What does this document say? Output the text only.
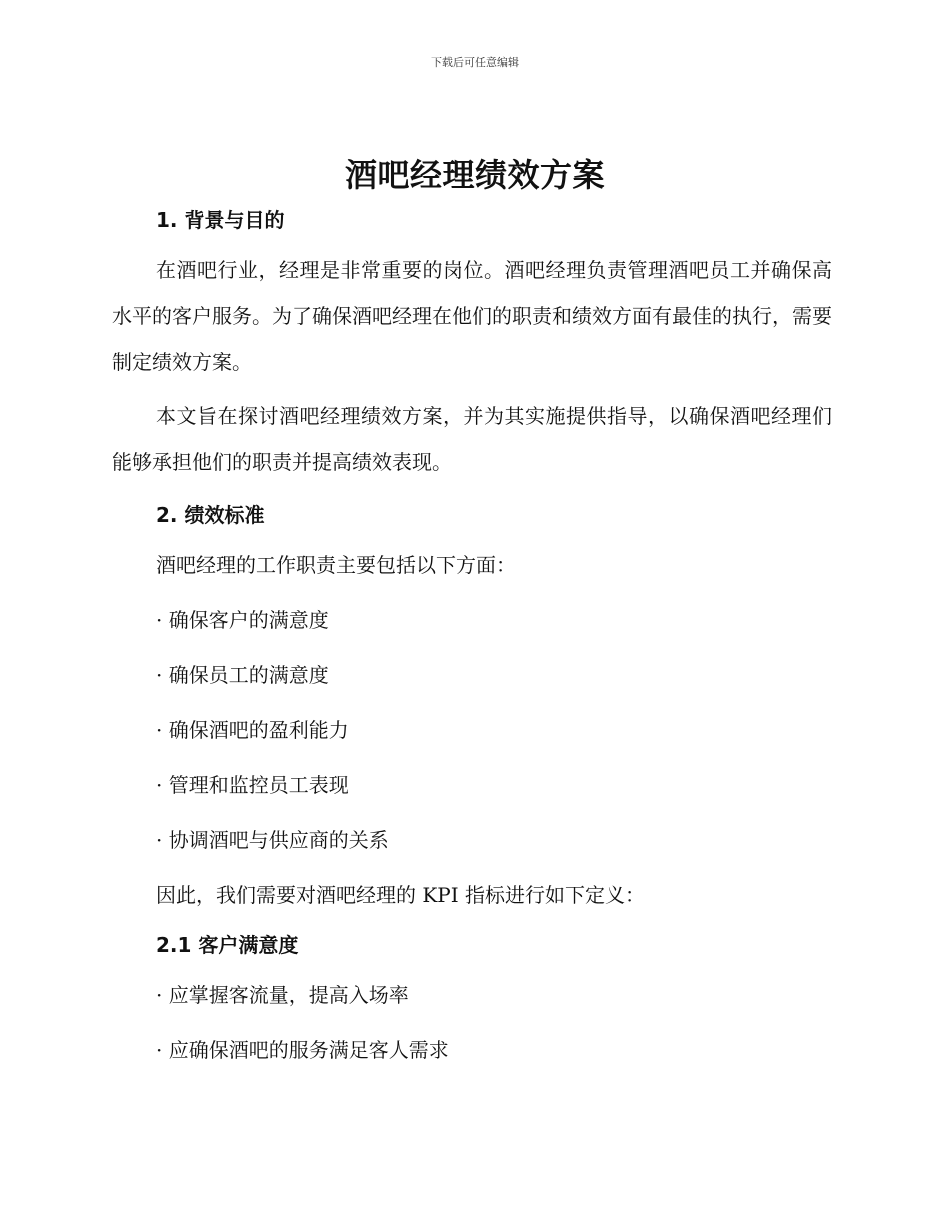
下载后可任意编辑
酒吧经理绩效方案
1. 背景与目的

在酒吧行业，经理是非常重要的岗位。酒吧经理负责管理酒吧员工并确保高水平的客户服务。为了确保酒吧经理在他们的职责和绩效方面有最佳的执行，需要制定绩效方案。

本文旨在探讨酒吧经理绩效方案，并为其实施提供指导，以确保酒吧经理们能够承担他们的职责并提高绩效表现。

2. 绩效标准

酒吧经理的工作职责主要包括以下方面：

· 确保客户的满意度

· 确保员工的满意度

· 确保酒吧的盈利能力

· 管理和监控员工表现

· 协调酒吧与供应商的关系

因此，我们需要对酒吧经理的 KPI 指标进行如下定义：

2.1 客户满意度

· 应掌握客流量，提高入场率

· 应确保酒吧的服务满足客人需求
